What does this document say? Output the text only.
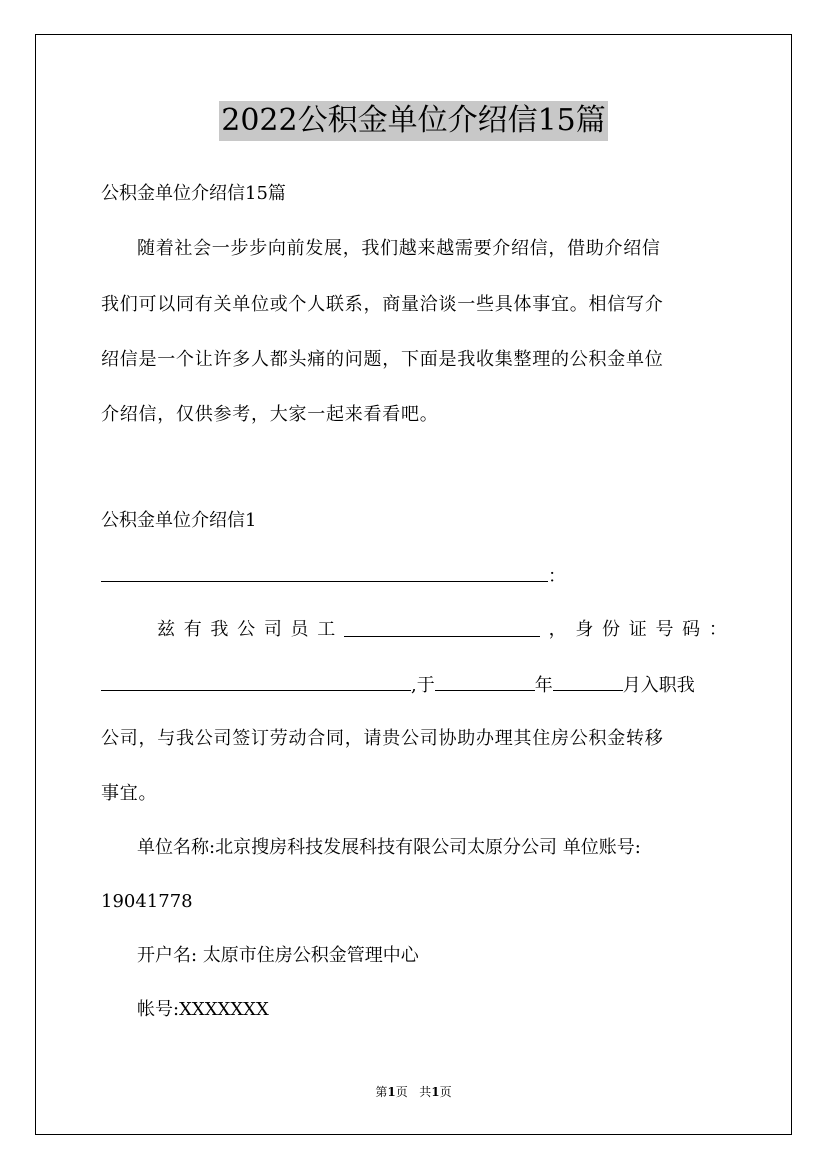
2022公积金单位介绍信15篇
公积金单位介绍信15篇
随着社会一步步向前发展，我们越来越需要介绍信，借助介绍信
我们可以同有关单位或个人联系，商量洽谈一些具体事宜。相信写介
绍信是一个让许多人都头痛的问题，下面是我收集整理的公积金单位
介绍信，仅供参考，大家一起来看看吧。
公积金单位介绍信1
：
兹 有 我 公 司 员 工	， 身 份 证 号 码 ：
,于	年	月入职我
公司，与我公司签订劳动合同，请贵公司协助办理其住房公积金转移
事宜。
单位名称:北京搜房科技发展科技有限公司太原分公司 单位账号:
19041778
开户名: 太原市住房公积金管理中心
帐号:XXXXXXX
第1页   共1页
